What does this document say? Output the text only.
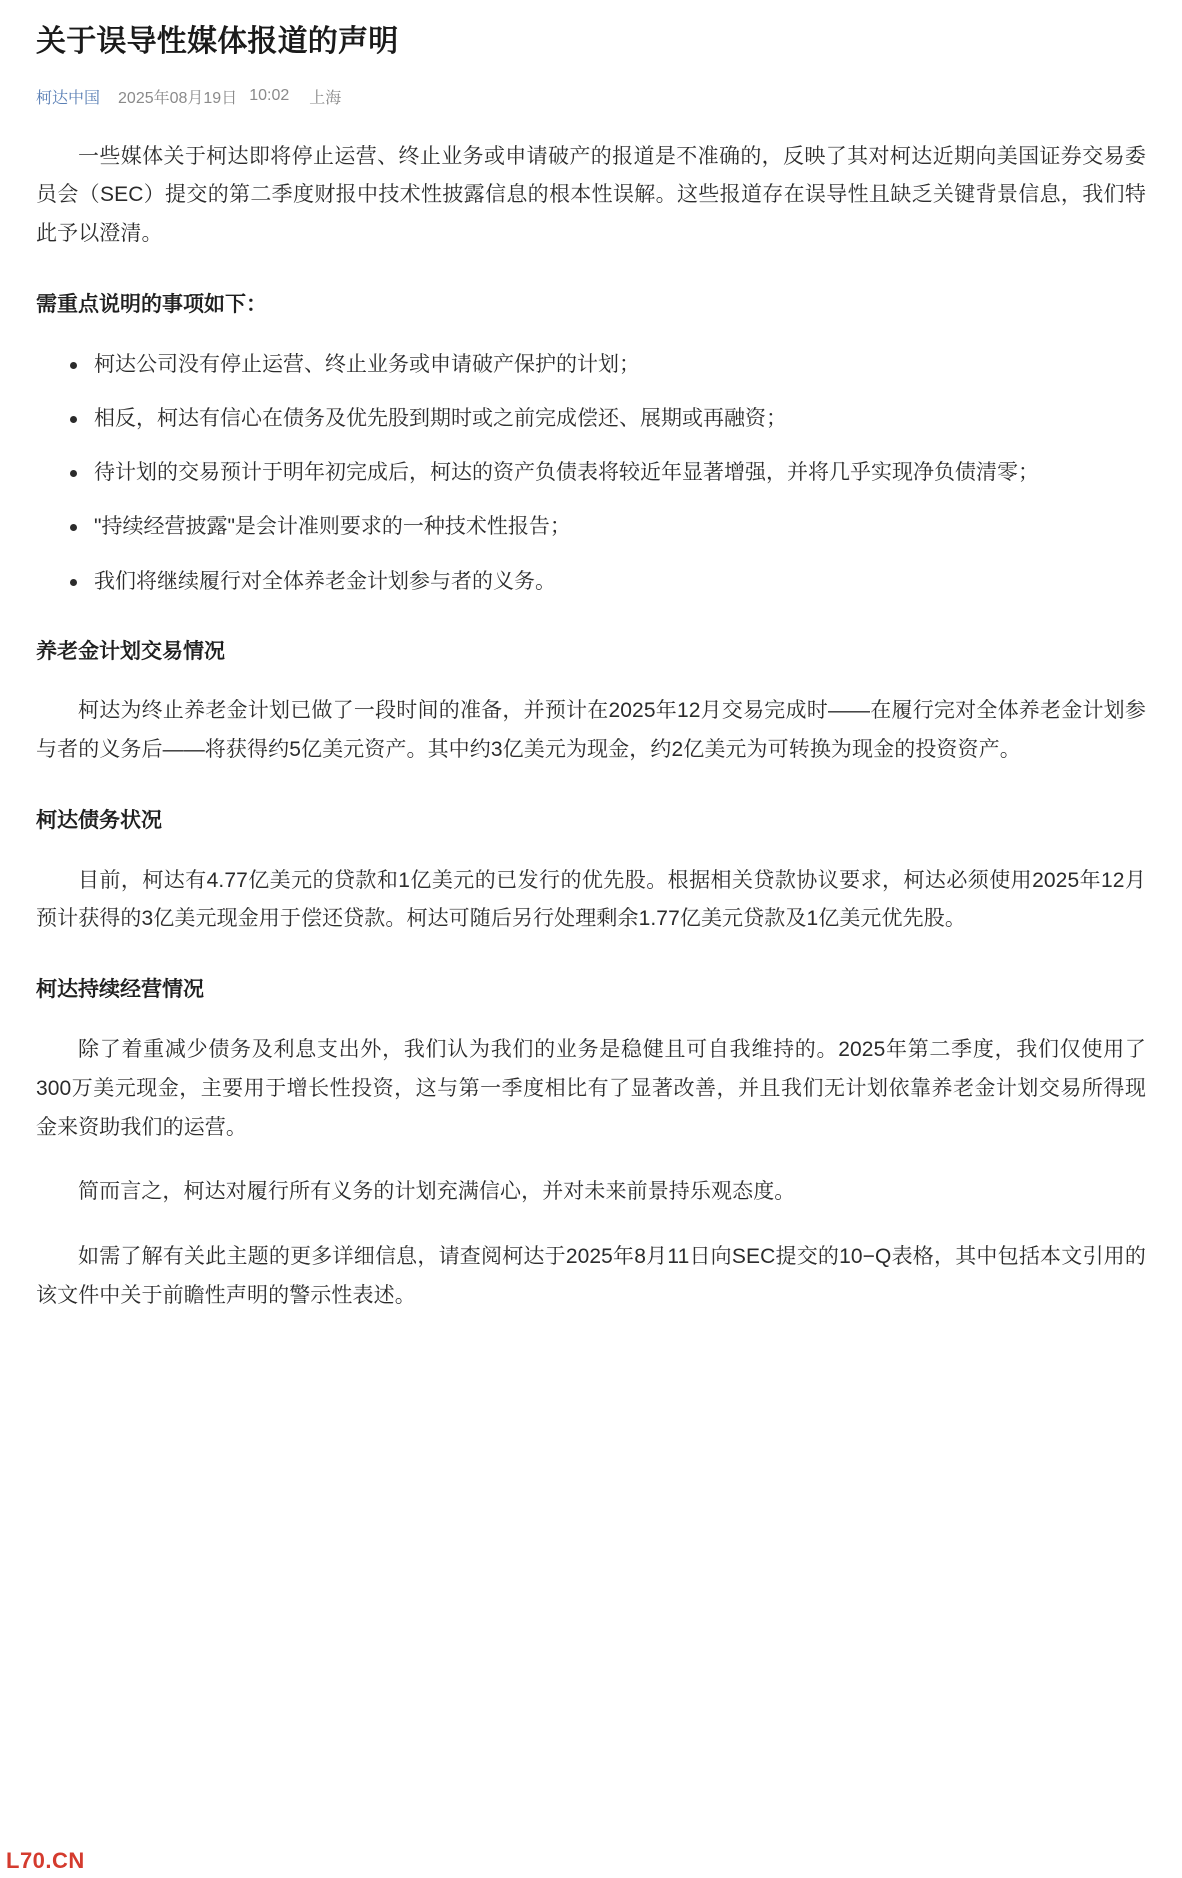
关于误导性媒体报道的声明
柯达中国 2025年08月19日 10:02 上海

一些媒体关于柯达即将停止运营、终止业务或申请破产的报道是不准确的，反映了其对柯达近期向美国证券交易委员会（SEC）提交的第二季度财报中技术性披露信息的根本性误解。这些报道存在误导性且缺乏关键背景信息，我们特此予以澄清。

需重点说明的事项如下：
柯达公司没有停止运营、终止业务或申请破产保护的计划；
相反，柯达有信心在债务及优先股到期时或之前完成偿还、展期或再融资；
待计划的交易预计于明年初完成后，柯达的资产负债表将较近年显著增强，并将几乎实现净负债清零；
"持续经营披露"是会计准则要求的一种技术性报告；
我们将继续履行对全体养老金计划参与者的义务。
养老金计划交易情况

柯达为终止养老金计划已做了一段时间的准备，并预计在2025年12月交易完成时——在履行完对全体养老金计划参与者的义务后——将获得约5亿美元资产。其中约3亿美元为现金，约2亿美元为可转换为现金的投资资产。

柯达债务状况

目前，柯达有4.77亿美元的贷款和1亿美元的已发行的优先股。根据相关贷款协议要求，柯达必须使用2025年12月预计获得的3亿美元现金用于偿还贷款。柯达可随后另行处理剩余1.77亿美元贷款及1亿美元优先股。

柯达持续经营情况

除了着重减少债务及利息支出外，我们认为我们的业务是稳健且可自我维持的。2025年第二季度，我们仅使用了300万美元现金，主要用于增长性投资，这与第一季度相比有了显著改善，并且我们无计划依靠养老金计划交易所得现金来资助我们的运营。

简而言之，柯达对履行所有义务的计划充满信心，并对未来前景持乐观态度。

如需了解有关此主题的更多详细信息，请查阅柯达于2025年8月11日向SEC提交的10−Q表格，其中包括本文引用的该文件中关于前瞻性声明的警示性表述。

L70.CN
